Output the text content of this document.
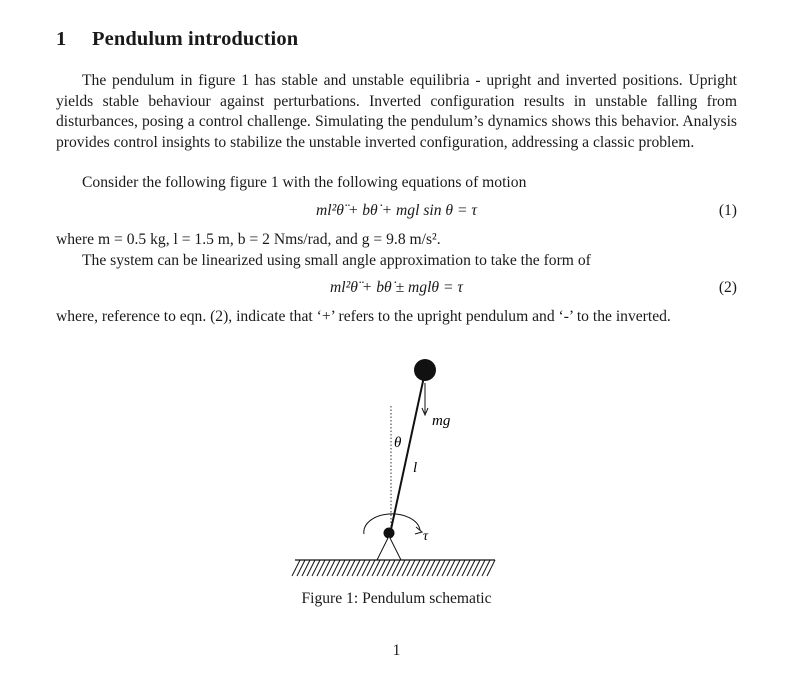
1 Pendulum introduction

The pendulum in figure 1 has stable and unstable equilibria - upright and inverted positions. Upright yields stable behaviour against perturbations. Inverted configuration results in unstable falling from disturbances, posing a control challenge. Simulating the pendulum’s dynamics shows this behavior. Analysis provides control insights to stabilize the unstable inverted configuration, addressing a classic problem.

Consider the following figure 1 with the following equations of motion

ml²θ̈ + bθ̇ + mgl sin θ = τ	(1)

where m = 0.5 kg, l = 1.5 m, b = 2 Nms/rad, and g = 9.8 m/s².

The system can be linearized using small angle approximation to take the form of

ml²θ̈ + bθ̇ ± mglθ = τ	(2)

where, reference to eqn. (2), indicate that ‘+’ refers to the upright pendulum and ‘-’ to the inverted.

mg
θ
l
τ
Figure 1: Pendulum schematic
1
